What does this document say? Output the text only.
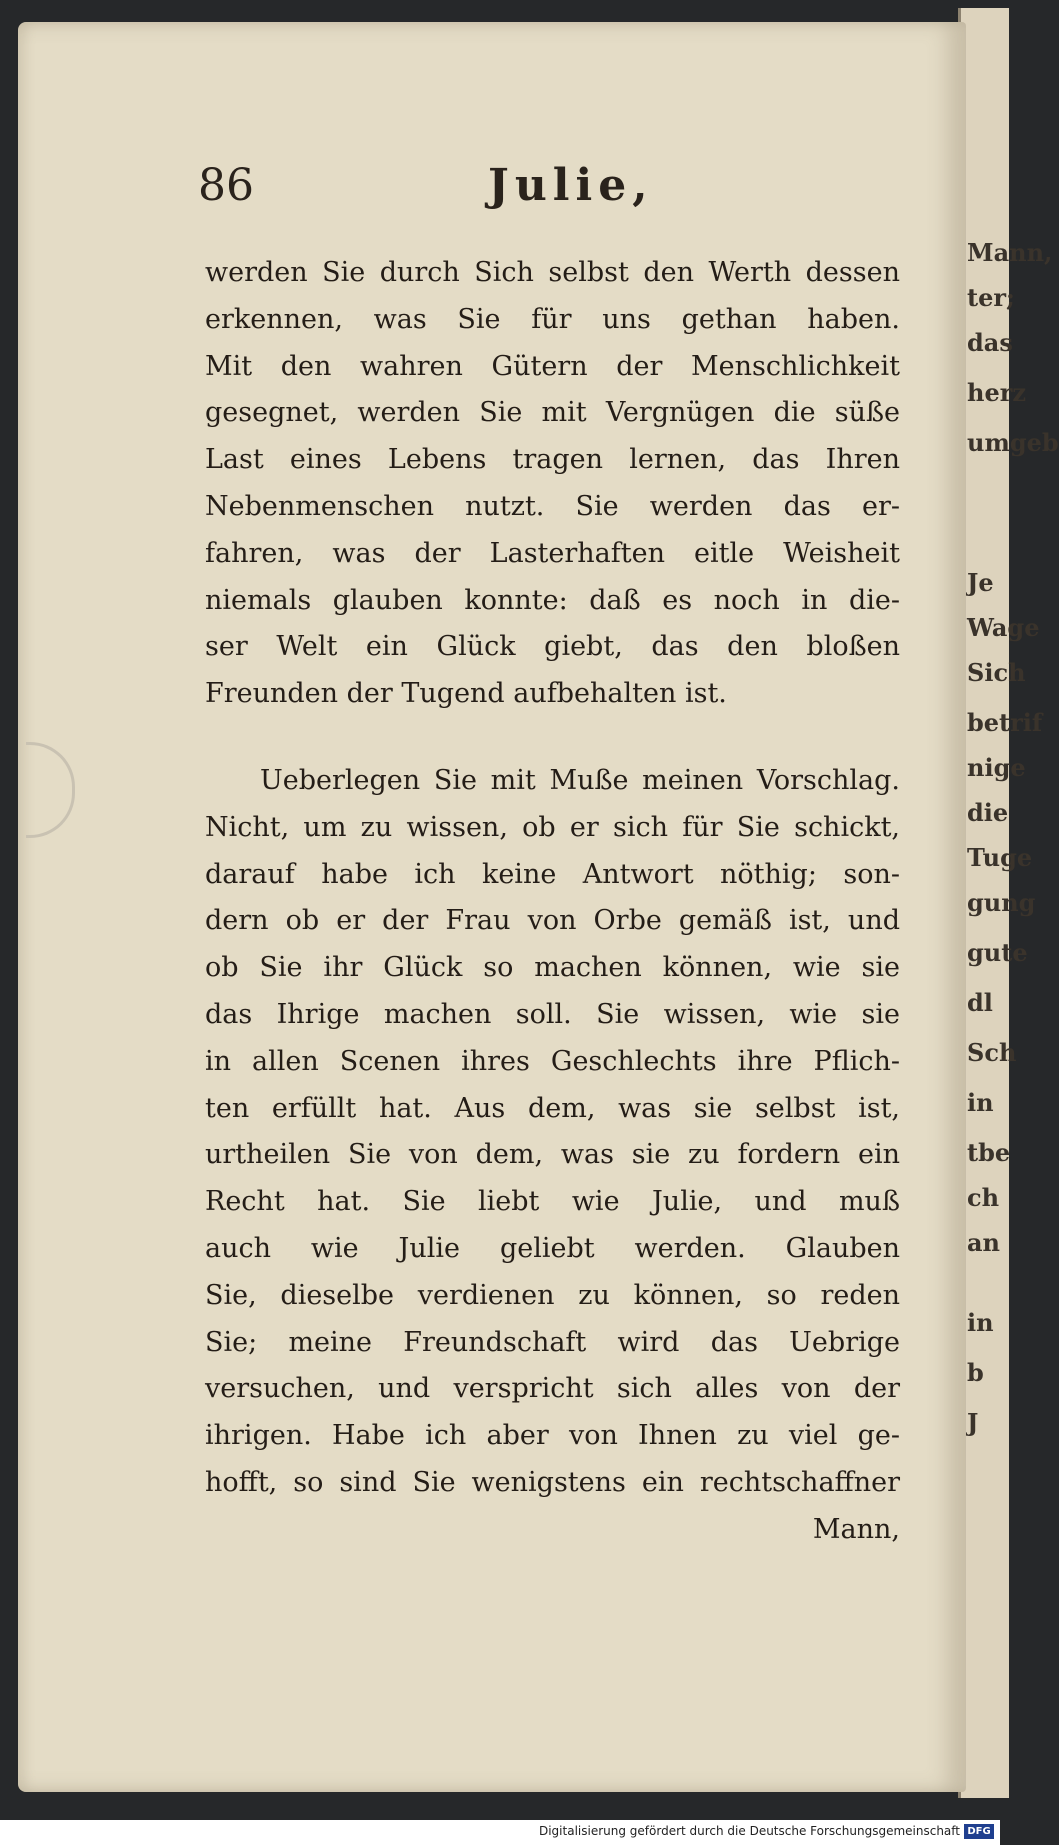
Mann,
ter;
das
herz
umgeb
Je
Wage
Sich
betrif
nige
die
Tuge
gung
gute
dl
Sch
in
tbe
ch
an
in
b
J
86	Julie,
werden Sie durch Sich selbst den Werth dessen
erkennen, was Sie für uns gethan haben.
Mit den wahren Gütern der Menschlichkeit
gesegnet, werden Sie mit Vergnügen die süße
Last eines Lebens tragen lernen, das Ihren
Nebenmenschen nutzt. Sie werden das er-
fahren, was der Lasterhaften eitle Weisheit
niemals glauben konnte: daß es noch in die-
ser Welt ein Glück giebt, das den bloßen
Freunden der Tugend aufbehalten ist.
Ueberlegen Sie mit Muße meinen Vorschlag.
Nicht, um zu wissen, ob er sich für Sie schickt,
darauf habe ich keine Antwort nöthig; son-
dern ob er der Frau von Orbe gemäß ist, und
ob Sie ihr Glück so machen können, wie sie
das Ihrige machen soll. Sie wissen, wie sie
in allen Scenen ihres Geschlechts ihre Pflich-
ten erfüllt hat. Aus dem, was sie selbst ist,
urtheilen Sie von dem, was sie zu fordern ein
Recht hat. Sie liebt wie Julie, und muß
auch wie Julie geliebt werden. Glauben
Sie, dieselbe verdienen zu können, so reden
Sie; meine Freundschaft wird das Uebrige
versuchen, und verspricht sich alles von der
ihrigen. Habe ich aber von Ihnen zu viel ge-
hofft, so sind Sie wenigstens ein rechtschaffner
Mann,
Digitalisierung gefördert durch die Deutsche Forschungsgemeinschaft DFG
